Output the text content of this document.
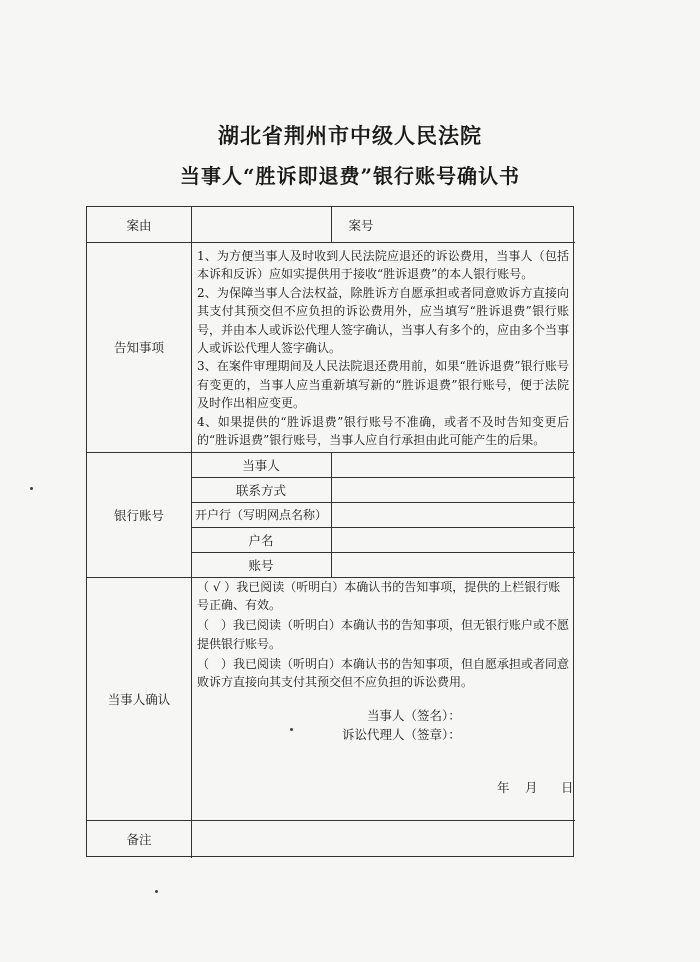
湖北省荆州市中级人民法院
当事人“胜诉即退费”银行账号确认书
案由	案号
告知事项

1、为方便当事人及时收到人民法院应退还的诉讼费用，当事人（包括本诉和反诉）应如实提供用于接收“胜诉退费”的本人银行账号。

2、为保障当事人合法权益，除胜诉方自愿承担或者同意败诉方直接向其支付其预交但不应负担的诉讼费用外，应当填写“胜诉退费”银行账号，并由本人或诉讼代理人签字确认，当事人有多个的，应由多个当事人或诉讼代理人签字确认。

3、在案件审理期间及人民法院退还费用前，如果“胜诉退费”银行账号有变更的，当事人应当重新填写新的“胜诉退费”银行账号，便于法院及时作出相应变更。

4、如果提供的“胜诉退费”银行账号不准确，或者不及时告知变更后的“胜诉退费”银行账号，当事人应自行承担由此可能产生的后果。

银行账号
当事人
联系方式
开户行（写明网点名称）
户名
账号
当事人确认

（ √ ）我已阅读（听明白）本确认书的告知事项，提供的上栏银行账号正确、有效。

（　）我已阅读（听明白）本确认书的告知事项，但无银行账户或不愿提供银行账号。

（　）我已阅读（听明白）本确认书的告知事项，但自愿承担或者同意败诉方直接向其支付其预交但不应负担的诉讼费用。

当事人（签名）：
诉讼代理人（签章）：
年 月 日
备注
